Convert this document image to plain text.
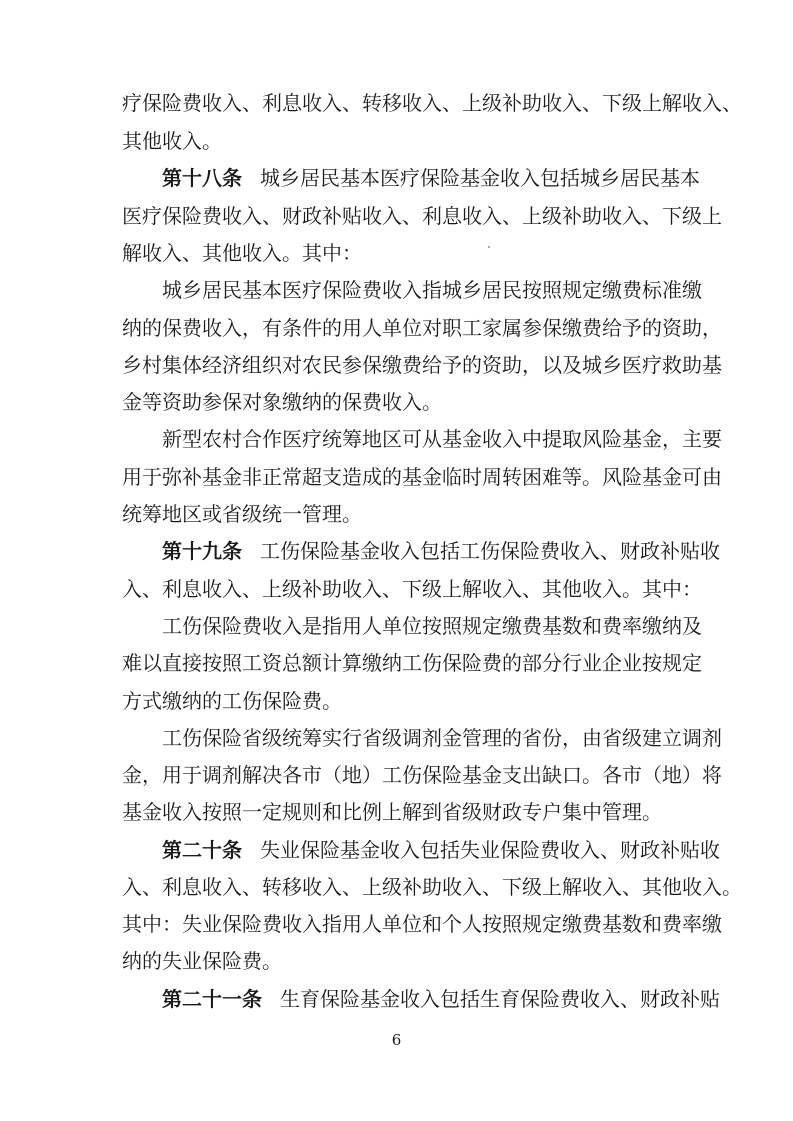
疗保险费收入、利息收入、转移收入、上级补助收入、下级上解收入、
其他收入。
第十八条 城乡居民基本医疗保险基金收入包括城乡居民基本
医疗保险费收入、财政补贴收入、利息收入、上级补助收入、下级上
解收入、其他收入。其中：
城乡居民基本医疗保险费收入指城乡居民按照规定缴费标准缴
纳的保费收入，有条件的用人单位对职工家属参保缴费给予的资助，
乡村集体经济组织对农民参保缴费给予的资助，以及城乡医疗救助基
金等资助参保对象缴纳的保费收入。
新型农村合作医疗统筹地区可从基金收入中提取风险基金，主要
用于弥补基金非正常超支造成的基金临时周转困难等。风险基金可由
统筹地区或省级统一管理。
第十九条 工伤保险基金收入包括工伤保险费收入、财政补贴收
入、利息收入、上级补助收入、下级上解收入、其他收入。其中：
工伤保险费收入是指用人单位按照规定缴费基数和费率缴纳及
难以直接按照工资总额计算缴纳工伤保险费的部分行业企业按规定
方式缴纳的工伤保险费。
工伤保险省级统筹实行省级调剂金管理的省份，由省级建立调剂
金，用于调剂解决各市（地）工伤保险基金支出缺口。各市（地）将
基金收入按照一定规则和比例上解到省级财政专户集中管理。
第二十条 失业保险基金收入包括失业保险费收入、财政补贴收
入、利息收入、转移收入、上级补助收入、下级上解收入、其他收入。
其中：失业保险费收入指用人单位和个人按照规定缴费基数和费率缴
纳的失业保险费。
第二十一条 生育保险基金收入包括生育保险费收入、财政补贴
6
